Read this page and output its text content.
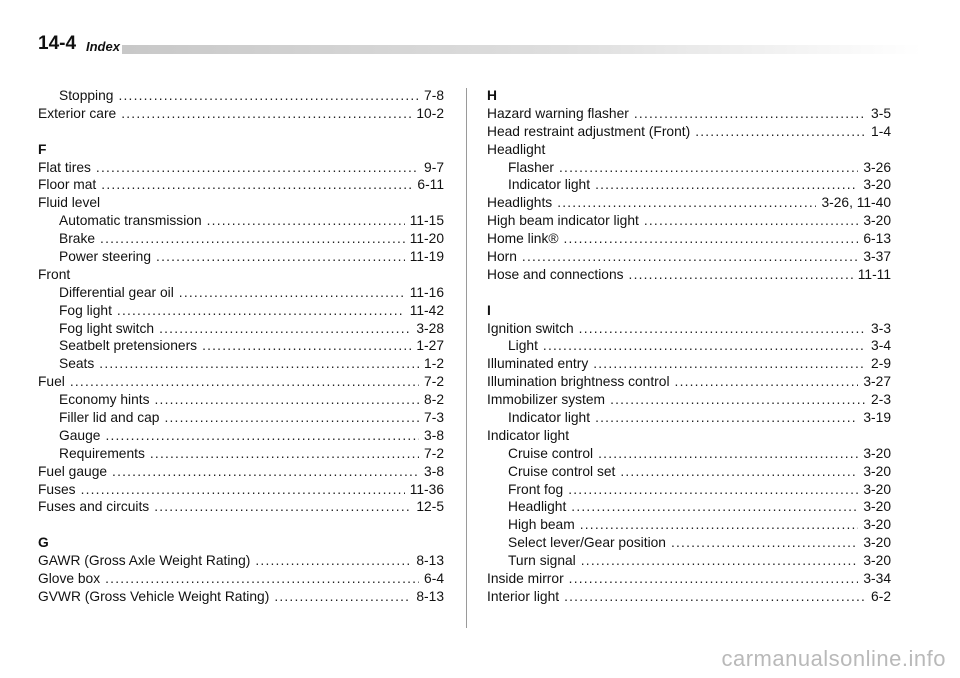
14-4 Index
Stopping .....	7-8
Exterior care .....	10-2
F
Flat tires .....	9-7
Floor mat .....	6-11
Fluid level
Automatic transmission .....	11-15
Brake .....	11-20
Power steering .....	11-19
Front
Differential gear oil .....	11-16
Fog light .....	11-42
Fog light switch .....	3-28
Seatbelt pretensioners .....	1-27
Seats .....	1-2
Fuel .....	7-2
Economy hints .....	8-2
Filler lid and cap .....	7-3
Gauge .....	3-8
Requirements .....	7-2
Fuel gauge .....	3-8
Fuses .....	11-36
Fuses and circuits .....	12-5
G
GAWR (Gross Axle Weight Rating) .....	8-13
Glove box .....	6-4
GVWR (Gross Vehicle Weight Rating) .....	8-13
H
Hazard warning flasher .....	3-5
Head restraint adjustment (Front) .....	1-4
Headlight
Flasher .....	3-26
Indicator light .....	3-20
Headlights .....	3-26, 11-40
High beam indicator light .....	3-20
Home link® .....	6-13
Horn .....	3-37
Hose and connections .....	11-11
I
Ignition switch .....	3-3
Light .....	3-4
Illuminated entry .....	2-9
Illumination brightness control .....	3-27
Immobilizer system .....	2-3
Indicator light .....	3-19
Indicator light
Cruise control .....	3-20
Cruise control set .....	3-20
Front fog .....	3-20
Headlight .....	3-20
High beam .....	3-20
Select lever/Gear position .....	3-20
Turn signal .....	3-20
Inside mirror .....	3-34
Interior light .....	6-2
carmanualsonline.info
